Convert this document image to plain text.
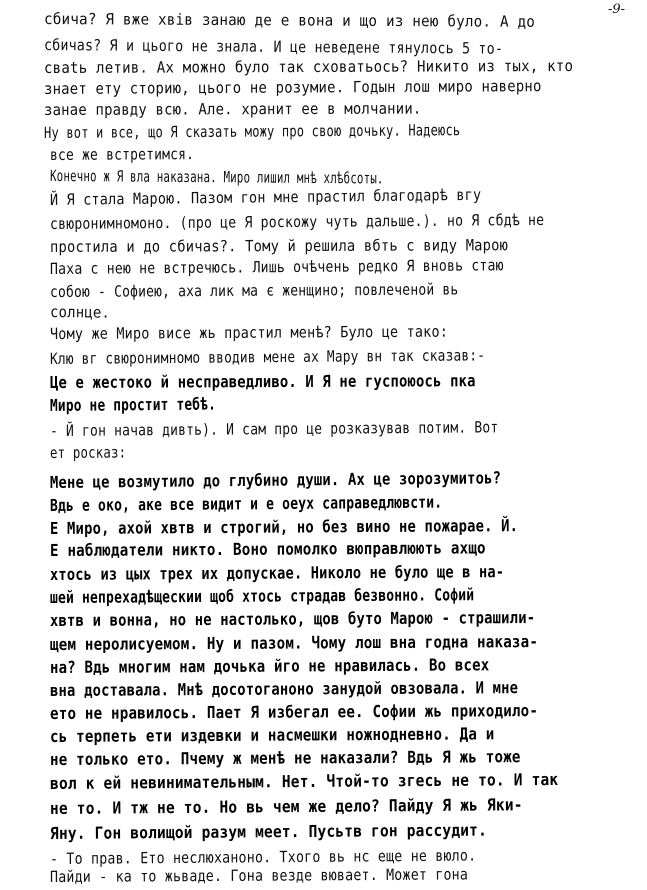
-9-
сбича? Я вже хвів занаю де е вона и що из нею було. А до
сбичаs? Я и цього не знала. И це неведене тянулось 5 то-
сваtь летив. Ах можно було так сховатьось? Никито из тых, кто
знает ету сторию, цього не розумие. Годын лош миро наверно
занае правду всю. Але. хранит ее в молчании.
Ну вот и все, що Я сказать можу про свою дочьку. Надеюсь
все же встретимся.
Конечно ж Я вла наказана. Миро лишил мнѣ хлѣбсоты.
Й Я стала Марою. Пазом гон мне прастил благодарѣ вгу
свюронимномоно. (про це Я роскожу чуть дальше.). но Я сбдѣ не
простила и до сбичаs?. Тому й решила вбть с виду Марою
Паха с нею не встречюсь. Лишь очѣчень редко Я вновь стаю
собою - Софиею, аха лик ма є женщино; повлеченой вь
солнце.
Чому же Миро висе жь прастил менѣ? Було це тако:
Клю вг свюронимномо вводив мене ах Мару вн так сказав:-
Це е жестоко й несправедливо. И Я не гуспоюось пка
Миро не простит тебѣ.
- Й гон начав дивть). И сам про це розказував потим. Вот
ет росказ:
Мене це возмутило до глубино души. Ах це зорозумитоь?
Вдь е око, аке все видит и е оеух саправедлювсти.
Е Миро, ахой хвтв и строгий, но без вино не пожарае. Й.
Е наблюдатели никто. Воно помолко вюправлюють ахщо
хтось из цых трех их допускае. Николо не було ще в на-
шей непрехадѣщескии щоб хтось страдав безвонно. Софий
хвтв и вонна, но не настолько, щов буто Марою - страшили-
щем неролисуемом. Ну и пазом. Чому лош вна годна наказа-
на? Вдь многим нам дочька йго не нравилась. Во всех
вна доставала. Мнѣ досотоганоно занудой овзовала. И мне
ето не нравилось. Пает Я избегал ее. Софии жь приходило-
сь терпеть ети издевки и насмешки ножнодневно. Да и
не только ето. Пчему ж менѣ не наказали? Вдь Я жь тоже
вол к ей невинимательным. Нет. Чтой-то згесь не то. И так
не то. И тж не то. Но вь чем же дело? Пайду Я жь Яки-
Яну. Гон волищой разум меет. Пусьтв гон рассудит.
- То прав. Ето неслюханоно. Тхого вь нс еще не вюло.
Пайди - ка то жьваде. Гона везде вювает. Может гона
